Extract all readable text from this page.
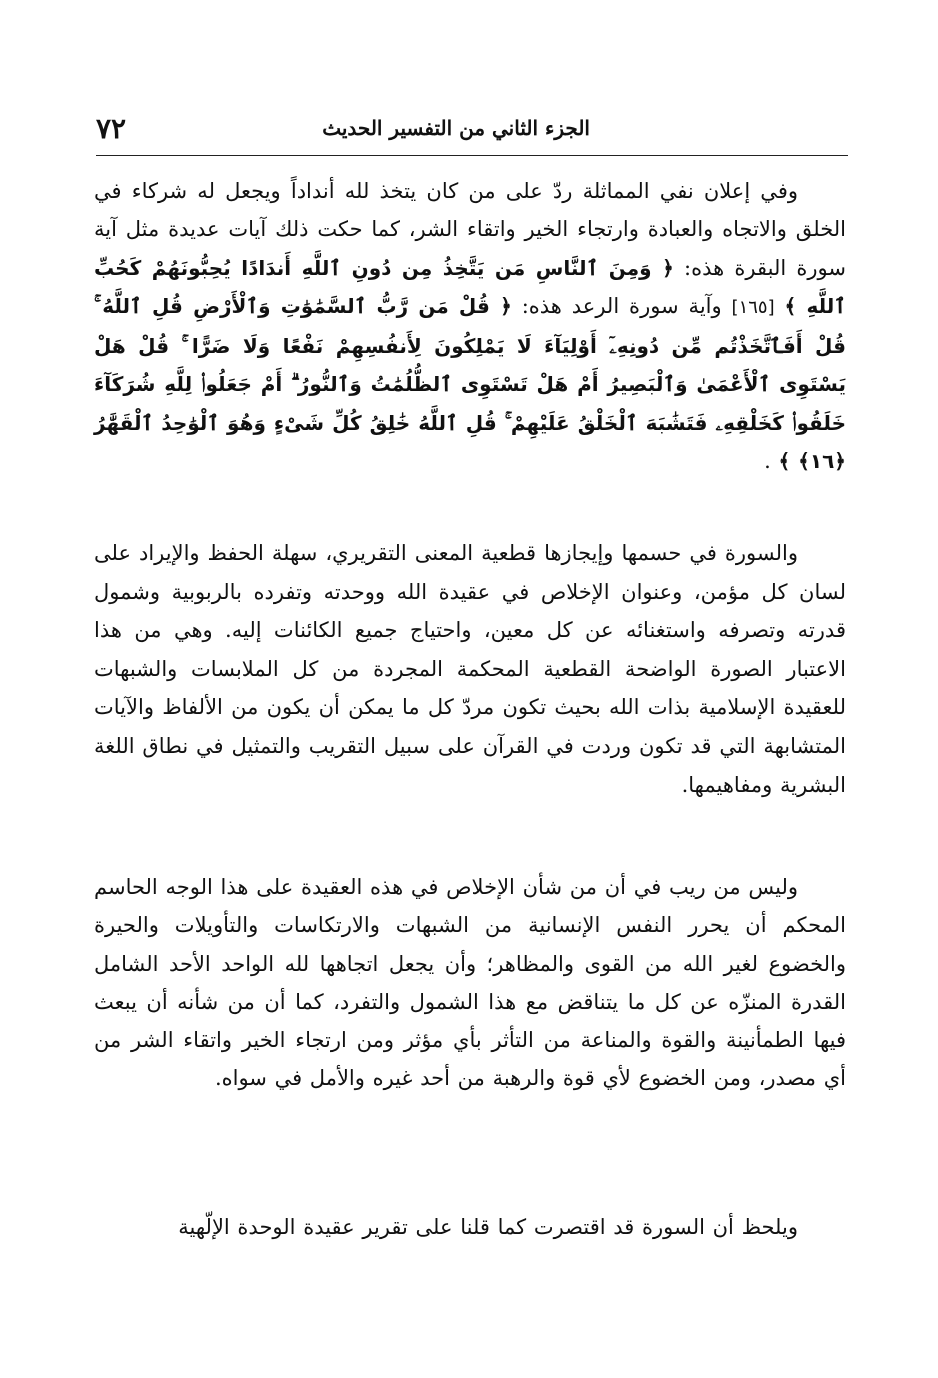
٧٢	الجزء الثاني من التفسير الحديث

وفي إعلان نفي المماثلة ردّ على من كان يتخذ لله أنداداً ويجعل له شركاء في الخلق والاتجاه والعبادة وارتجاء الخير واتقاء الشر، كما حكت ذلك آيات عديدة مثل آية سورة البقرة هذه: ﴿ وَمِنَ ٱلنَّاسِ مَن يَتَّخِذُ مِن دُونِ ٱللَّهِ أَندَادًا يُحِبُّونَهُمْ كَحُبِّ ٱللَّهِ ﴾ [١٦٥] وآية سورة الرعد هذه: ﴿ قُلْ مَن رَّبُّ ٱلسَّمَٰوَٰتِ وَٱلْأَرْضِ قُلِ ٱللَّهُ ۚ قُلْ أَفَٱتَّخَذْتُم مِّن دُونِهِۦٓ أَوْلِيَآءَ لَا يَمْلِكُونَ لِأَنفُسِهِمْ نَفْعًا وَلَا ضَرًّا ۚ قُلْ هَلْ يَسْتَوِى ٱلْأَعْمَىٰ وَٱلْبَصِيرُ أَمْ هَلْ تَسْتَوِى ٱلظُّلُمَٰتُ وَٱلنُّورُ ۗ أَمْ جَعَلُوا۟ لِلَّهِ شُرَكَآءَ خَلَقُوا۟ كَخَلْقِهِۦ فَتَشَٰبَهَ ٱلْخَلْقُ عَلَيْهِمْ ۚ قُلِ ٱللَّهُ خَٰلِقُ كُلِّ شَىْءٍ وَهُوَ ٱلْوَٰحِدُ ٱلْقَهَّٰرُ ﴿١٦﴾ ﴾ .

والسورة في حسمها وإيجازها قطعية المعنى التقريري، سهلة الحفظ والإيراد على لسان كل مؤمن، وعنوان الإخلاص في عقيدة الله ووحدته وتفرده بالربوبية وشمول قدرته وتصرفه واستغنائه عن كل معين، واحتياج جميع الكائنات إليه. وهي من هذا الاعتبار الصورة الواضحة القطعية المحكمة المجردة من كل الملابسات والشبهات للعقيدة الإسلامية بذات الله بحيث تكون مردّ كل ما يمكن أن يكون من الألفاظ والآيات المتشابهة التي قد تكون وردت في القرآن على سبيل التقريب والتمثيل في نطاق اللغة البشرية ومفاهيمها.

وليس من ريب في أن من شأن الإخلاص في هذه العقيدة على هذا الوجه الحاسم المحكم أن يحرر النفس الإنسانية من الشبهات والارتكاسات والتأويلات والحيرة والخضوع لغير الله من القوى والمظاهر؛ وأن يجعل اتجاهها لله الواحد الأحد الشامل القدرة المنزّه عن كل ما يتناقض مع هذا الشمول والتفرد، كما أن من شأنه أن يبعث فيها الطمأنينة والقوة والمناعة من التأثر بأي مؤثر ومن ارتجاء الخير واتقاء الشر من أي مصدر، ومن الخضوع لأي قوة والرهبة من أحد غيره والأمل في سواه.

ويلحظ أن السورة قد اقتصرت كما قلنا على تقرير عقيدة الوحدة الإلّهية
